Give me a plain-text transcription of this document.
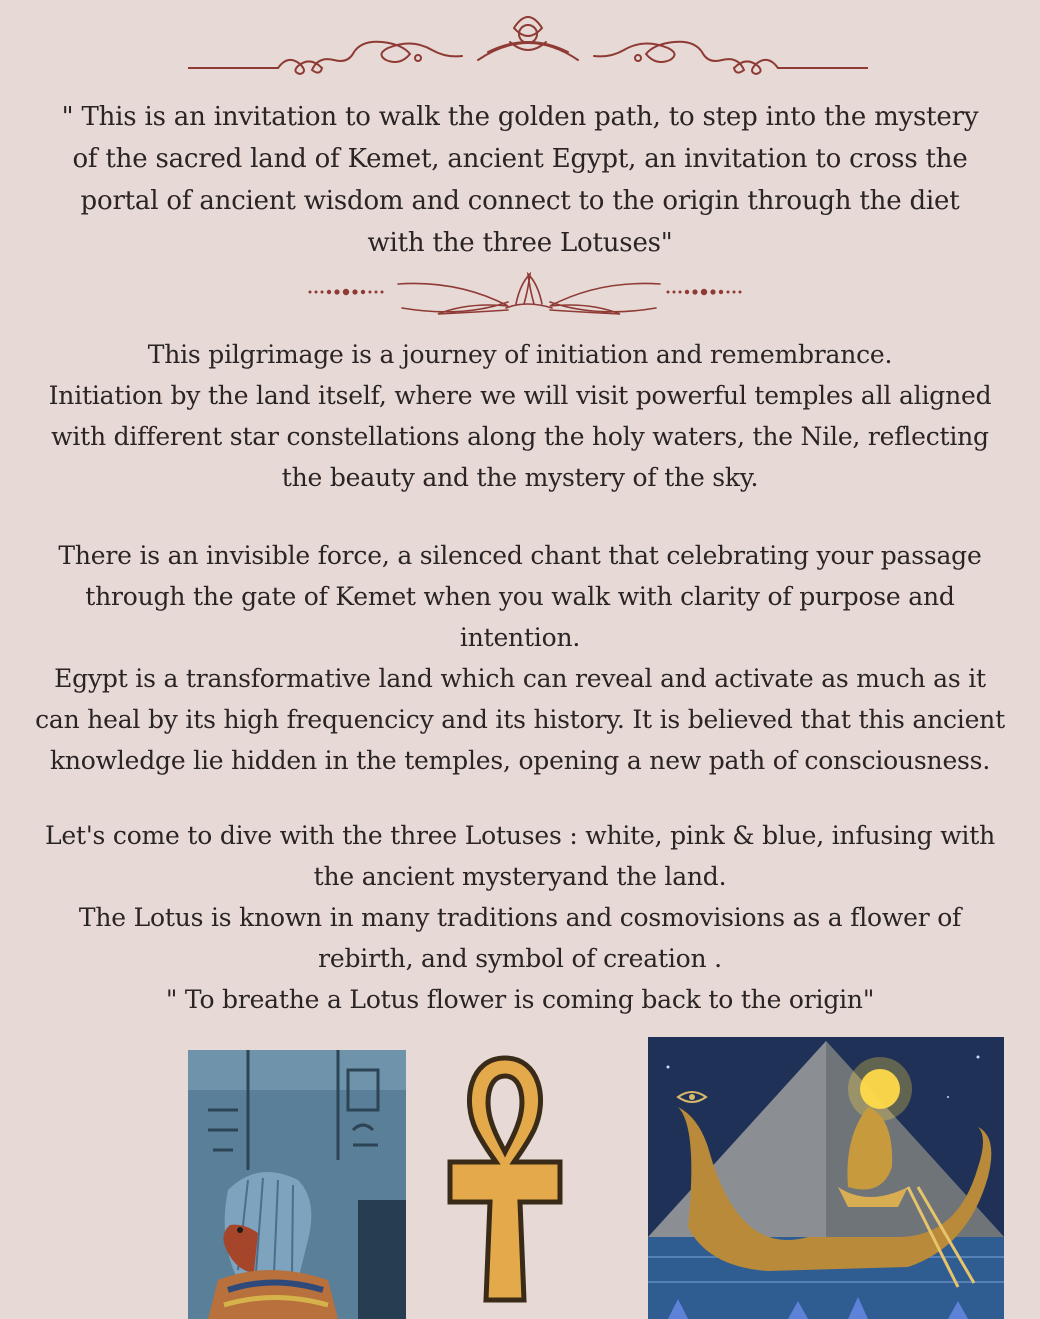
" This is an invitation to walk the golden path, to step into the mystery

of the sacred land of Kemet, ancient Egypt, an invitation to cross the

portal of ancient wisdom and connect to the origin through the diet

with the three Lotuses"

This pilgrimage is a journey of initiation and remembrance.

Initiation by the land itself, where we will visit powerful temples all aligned

with different star constellations along the holy waters, the Nile, reflecting

the beauty and the mystery of the sky.

There is an invisible force, a silenced chant that celebrating your passage

through the gate of Kemet when you walk with clarity of purpose and

intention.

Egypt is a transformative land which can reveal and activate as much as it

can heal by its high frequencicy and its history. It is believed that this ancient

knowledge lie hidden in the temples, opening a new path of consciousness.

Let's come to dive with the three Lotuses : white, pink & blue, infusing with

the ancient mysteryand the land.

The Lotus is known in many traditions and cosmovisions as a flower of

rebirth, and symbol of creation .

" To breathe a Lotus flower is coming back to the origin"
